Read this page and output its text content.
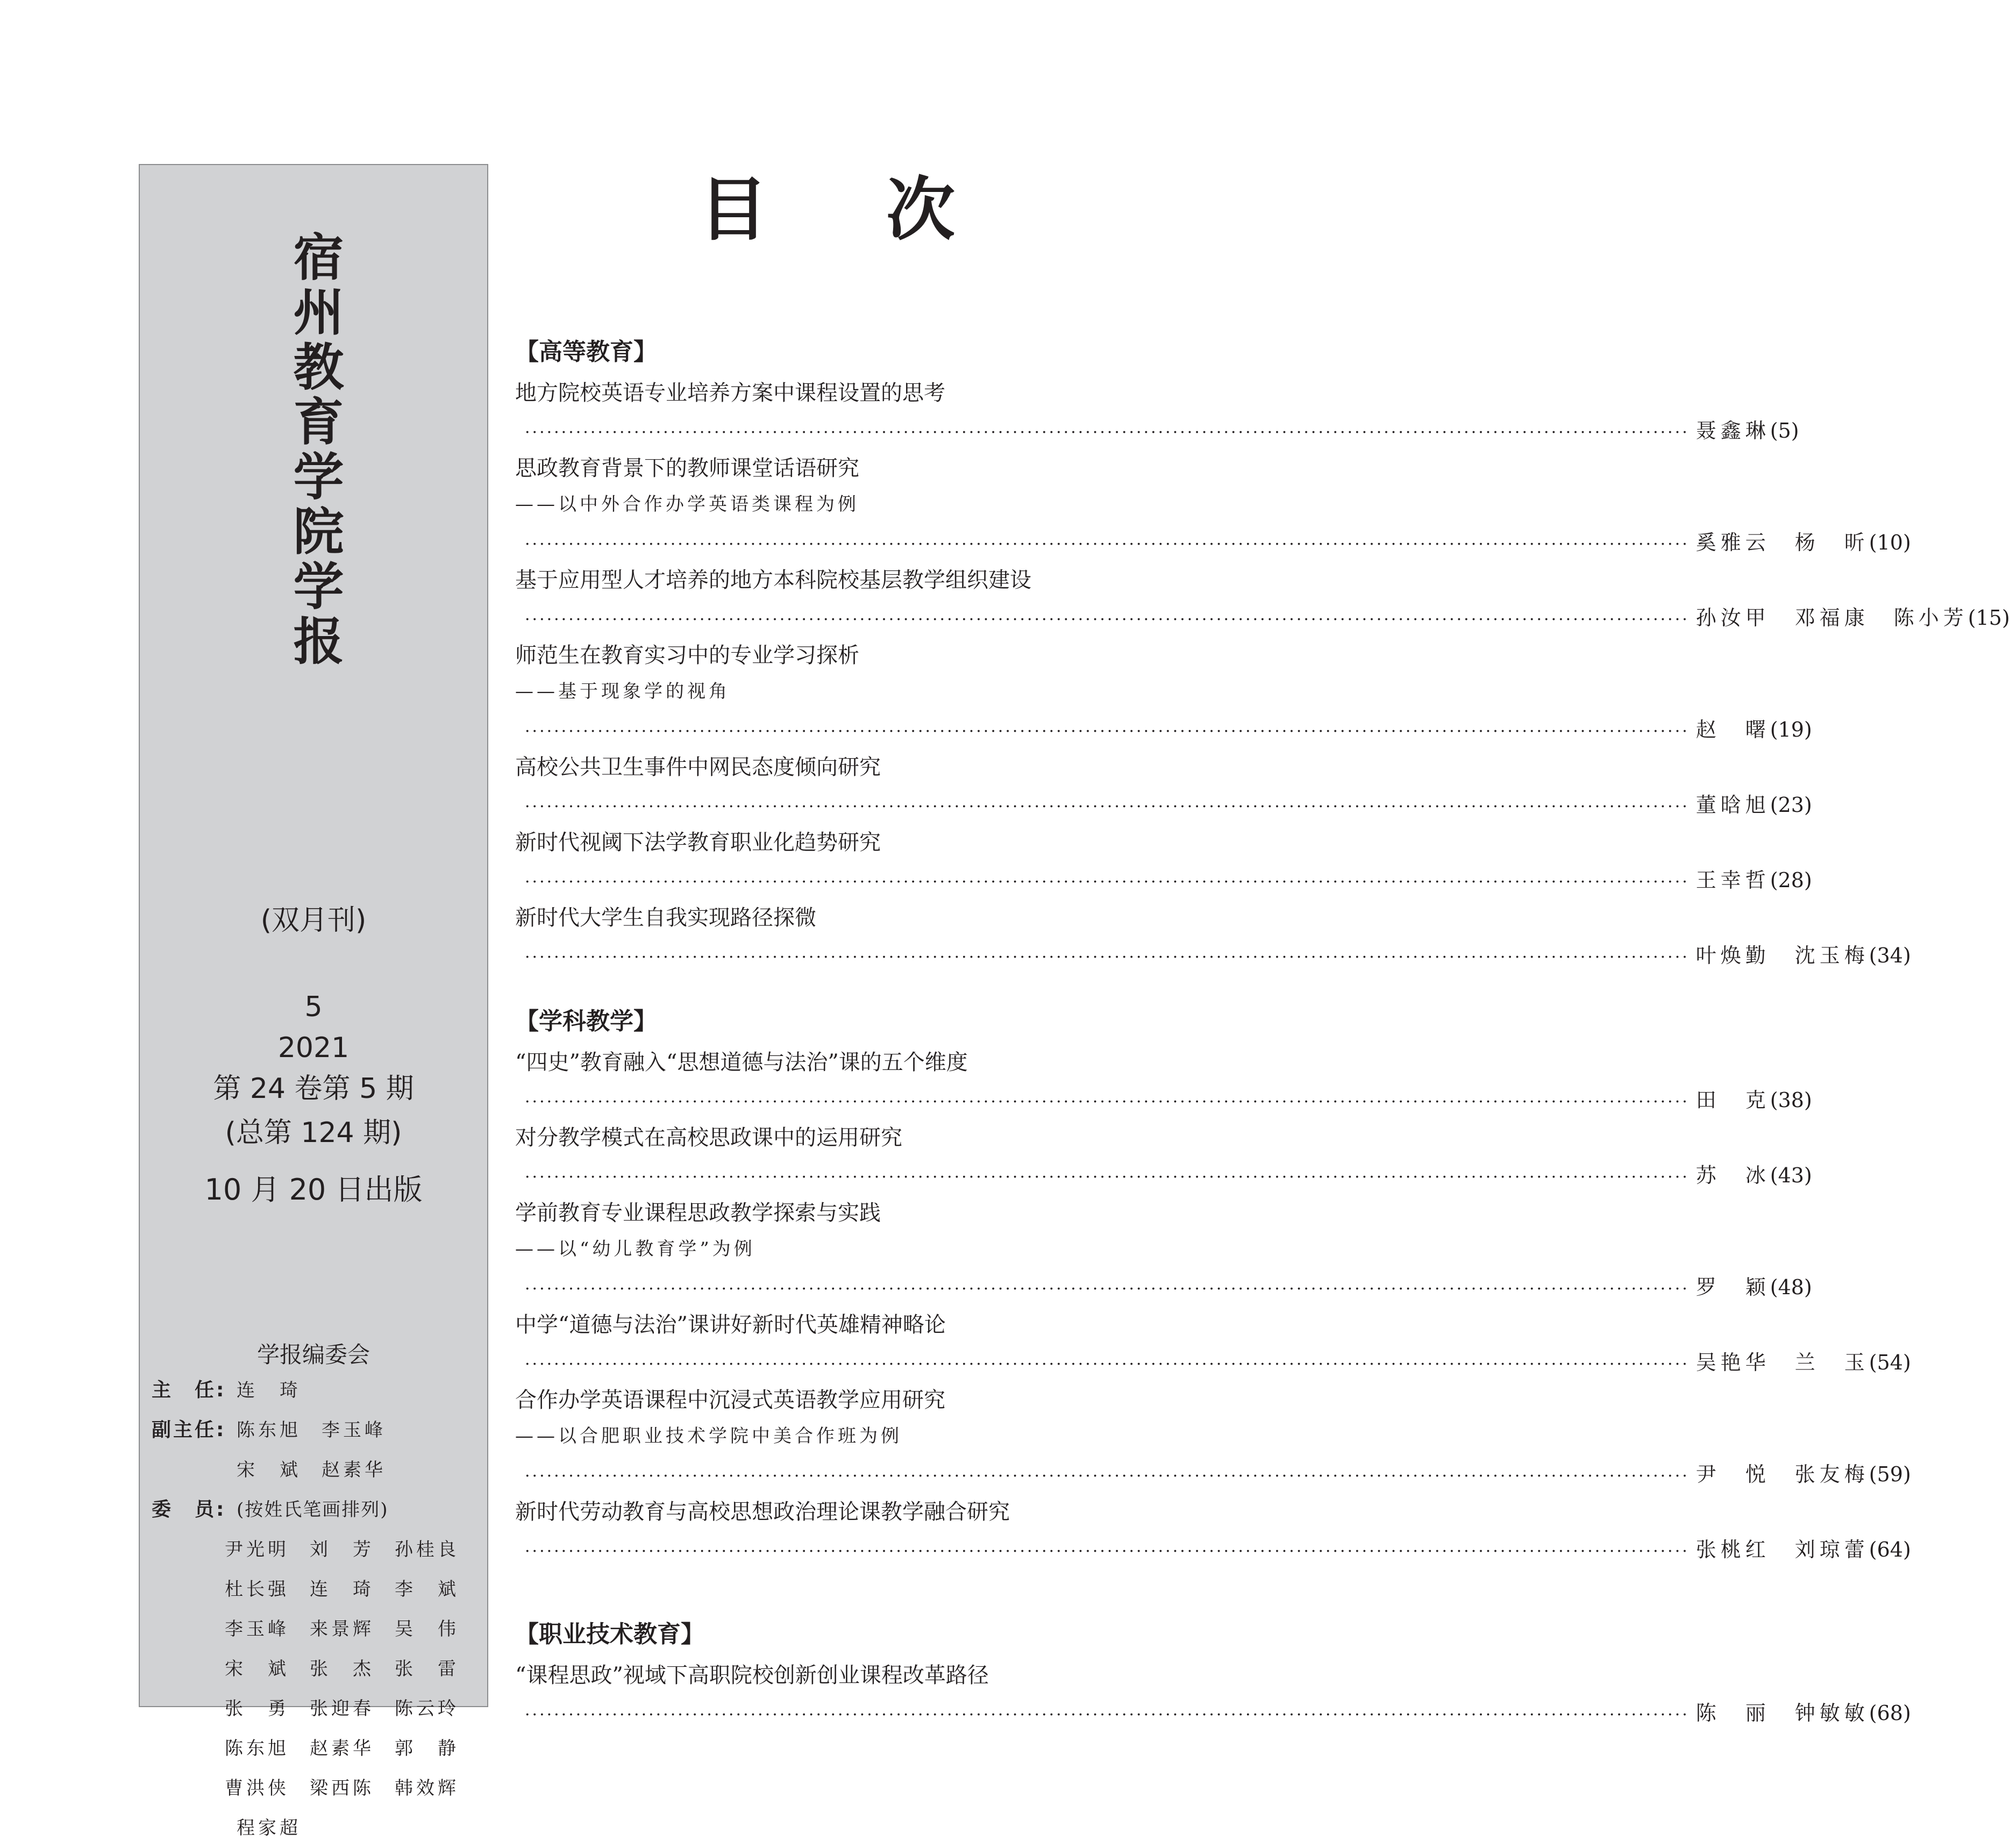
宿州教育学院学报
(双月刊)
5
2021
第 24 卷第 5 期
(总第 124 期)
10 月 20 日出版
学报编委会
主　任: 连　琦
副主任: 陈东旭	李玉峰
宋　斌	赵素华
委　员: (按姓氏笔画排列)
尹光明	刘　芳	孙桂良
杜长强	连　琦	李　斌
李玉峰	来景辉	吴　伟
宋　斌	张　杰	张　雷
张　勇	张迎春	陈云玲
陈东旭	赵素华	郭　静
曹洪侠	梁西陈	韩效辉
程家超
目次
【高等教育】
地方院校英语专业培养方案中课程设置的思考
································································································································································ 聂鑫琳 (5)
思政教育背景下的教师课堂话语研究
——以中外合作办学英语类课程为例
································································································································································ 奚雅云　杨　昕 (10)
基于应用型人才培养的地方本科院校基层教学组织建设
································································································································································ 孙汝甲　邓福康　陈小芳 (15)
师范生在教育实习中的专业学习探析
——基于现象学的视角
································································································································································ 赵　曙 (19)
高校公共卫生事件中网民态度倾向研究
································································································································································ 董晗旭 (23)
新时代视阈下法学教育职业化趋势研究
································································································································································ 王幸哲 (28)
新时代大学生自我实现路径探微
································································································································································ 叶焕勤　沈玉梅 (34)
【学科教学】
“四史”教育融入“思想道德与法治”课的五个维度
································································································································································ 田　克 (38)
对分教学模式在高校思政课中的运用研究
································································································································································ 苏　冰 (43)
学前教育专业课程思政教学探索与实践
——以“幼儿教育学”为例
································································································································································ 罗　颖 (48)
中学“道德与法治”课讲好新时代英雄精神略论
································································································································································ 吴艳华　兰　玉 (54)
合作办学英语课程中沉浸式英语教学应用研究
——以合肥职业技术学院中美合作班为例
································································································································································ 尹　悦　张友梅 (59)
新时代劳动教育与高校思想政治理论课教学融合研究
································································································································································ 张桃红　刘琼蕾 (64)
【职业技术教育】
“课程思政”视域下高职院校创新创业课程改革路径
································································································································································ 陈　丽　钟敏敏 (68)
